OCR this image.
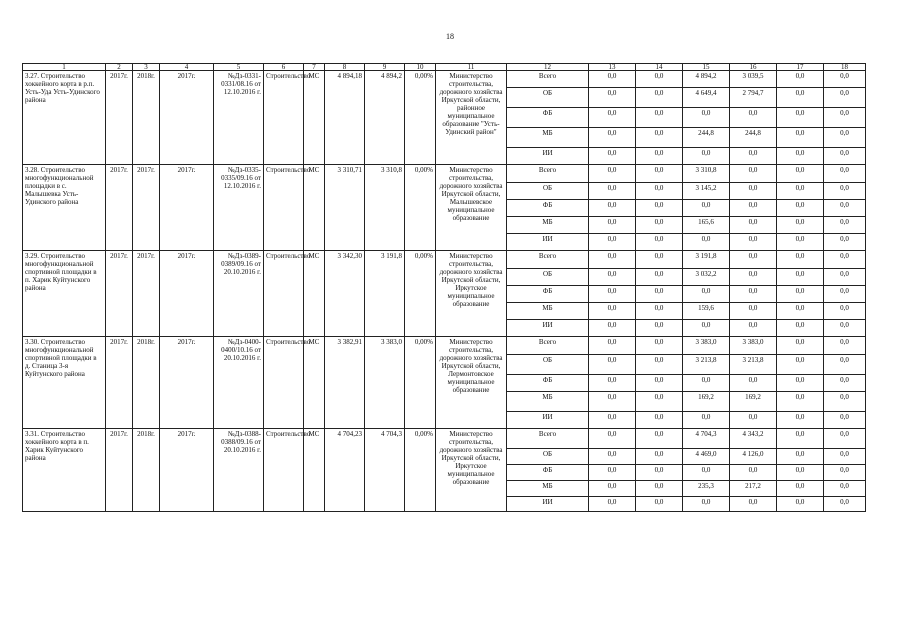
18
1	2	3	4	5	6	7	8	9	10	11	12	13	14	15	16	17	18
3.27. Строительство хоккейного корта в р.п. Усть-Уда Усть-Удинского района	2017г.	2018г.	2017г.	№Дз-0331-0331/08.16 от 12.10.2016 г.	Строительство	МС	4 894,18	4 894,2	0,00%	Министерство строительства, дорожного хозяйства Иркутской области, районное муниципальное образование "Усть-Удинский район"	Всего	0,0	0,0	4 894,2	3 039,5	0,0	0,0
											ОБ	0,0	0,0	4 649,4	2 794,7	0,0	0,0
											ФБ	0,0	0,0	0,0	0,0	0,0	0,0
											МБ	0,0	0,0	244,8	244,8	0,0	0,0
											ИИ	0,0	0,0	0,0	0,0	0,0	0,0
3.28. Строительство многофункциональной площадки в с. Малышевка Усть-Удинского района	2017г.	2017г.	2017г.	№Дз-0335-0335/09.16 от 12.10.2016 г.	Строительство	МС	3 310,71	3 310,8	0,00%	Министерство строительства, дорожного хозяйства Иркутской области, Малышевское муниципальное образование	Всего	0,0	0,0	3 310,8	0,0	0,0	0,0
											ОБ	0,0	0,0	3 145,2	0,0	0,0	0,0
											ФБ	0,0	0,0	0,0	0,0	0,0	0,0
											МБ	0,0	0,0	165,6	0,0	0,0	0,0
											ИИ	0,0	0,0	0,0	0,0	0,0	0,0
3.29. Строительство многофункциональной спортивной площадки в п. Харик Куйтунского района	2017г.	2017г.	2017г.	№Дз-0389-0389/09.16 от 20.10.2016 г.	Строительство	МС	3 342,30	3 191,8	0,00%	Министерство строительства, дорожного хозяйства Иркутской области, Иркутское муниципальное образование	Всего	0,0	0,0	3 191,8	0,0	0,0	0,0
											ОБ	0,0	0,0	3 032,2	0,0	0,0	0,0
											ФБ	0,0	0,0	0,0	0,0	0,0	0,0
											МБ	0,0	0,0	159,6	0,0	0,0	0,0
											ИИ	0,0	0,0	0,0	0,0	0,0	0,0
3.30. Строительство многофункциональной спортивной площадки в д. Станица 3-я Куйтунского района	2017г.	2018г.	2017г.	№Дз-0400-0400/10.16 от 20.10.2016 г.	Строительство	МС	3 382,91	3 383,0	0,00%	Министерство строительства, дорожного хозяйства Иркутской области, Лермонтовское муниципальное образование	Всего	0,0	0,0	3 383,0	3 383,0	0,0	0,0
											ОБ	0,0	0,0	3 213,8	3 213,8	0,0	0,0
											ФБ	0,0	0,0	0,0	0,0	0,0	0,0
											МБ	0,0	0,0	169,2	169,2	0,0	0,0
											ИИ	0,0	0,0	0,0	0,0	0,0	0,0
3.31. Строительство хоккейного корта в п. Харик Куйтунского района	2017г.	2018г.	2017г.	№Дз-0388-0388/09.16 от 20.10.2016 г.	Строительство	МС	4 704,23	4 704,3	0,00%	Министерство строительства, дорожного хозяйства Иркутской области, Иркутское муниципальное образование	Всего	0,0	0,0	4 704,3	4 343,2	0,0	0,0
											ОБ	0,0	0,0	4 469,0	4 126,0	0,0	0,0
											ФБ	0,0	0,0	0,0	0,0	0,0	0,0
											МБ	0,0	0,0	235,3	217,2	0,0	0,0
											ИИ	0,0	0,0	0,0	0,0	0,0	0,0
